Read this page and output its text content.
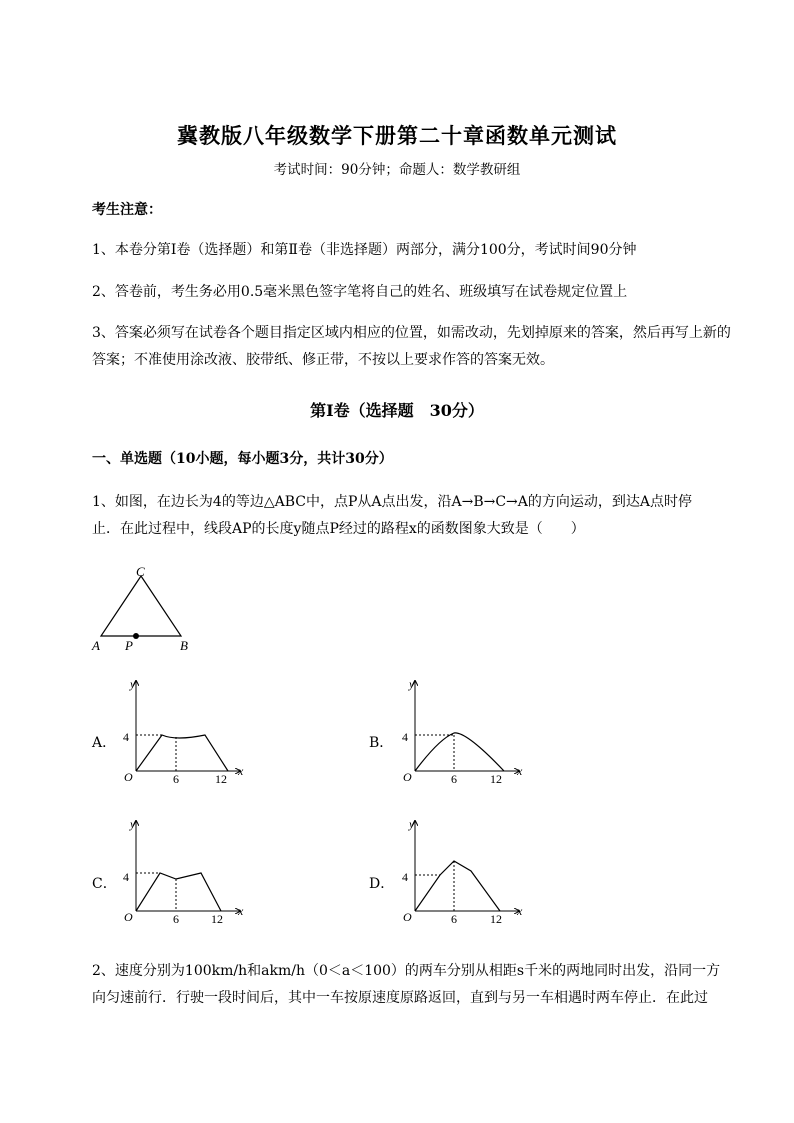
冀教版八年级数学下册第二十章函数单元测试
考试时间：90分钟；命题人：数学教研组
考生注意：
1、本卷分第Ⅰ卷（选择题）和第Ⅱ卷（非选择题）两部分，满分100分，考试时间90分钟
2、答卷前，考生务必用0.5毫米黑色签字笔将自己的姓名、班级填写在试卷规定位置上
3、答案必须写在试卷各个题目指定区域内相应的位置，如需改动，先划掉原来的答案，然后再写上新的答案；不准使用涂改液、胶带纸、修正带，不按以上要求作答的答案无效。
第Ⅰ卷（选择题　30分）
一、单选题（10小题，每小题3分，共计30分）
1、如图，在边长为4的等边△ABC中，点P从A点出发，沿A→B→C→A的方向运动，到达A点时停
止．在此过程中，线段AP的长度y随点P经过的路程x的函数图象大致是（　　）
C
A P	B
A．	B．
C．	D．
y
x
4
O	6	12
y
x
4
O	6	12
y
x
4
O	6	12
y
x
4
O	6	12
2、速度分别为100km/h和akm/h（0＜a＜100）的两车分别从相距s千米的两地同时出发，沿同一方
向匀速前行．行驶一段时间后，其中一车按原速度原路返回，直到与另一车相遇时两车停止．在此过
